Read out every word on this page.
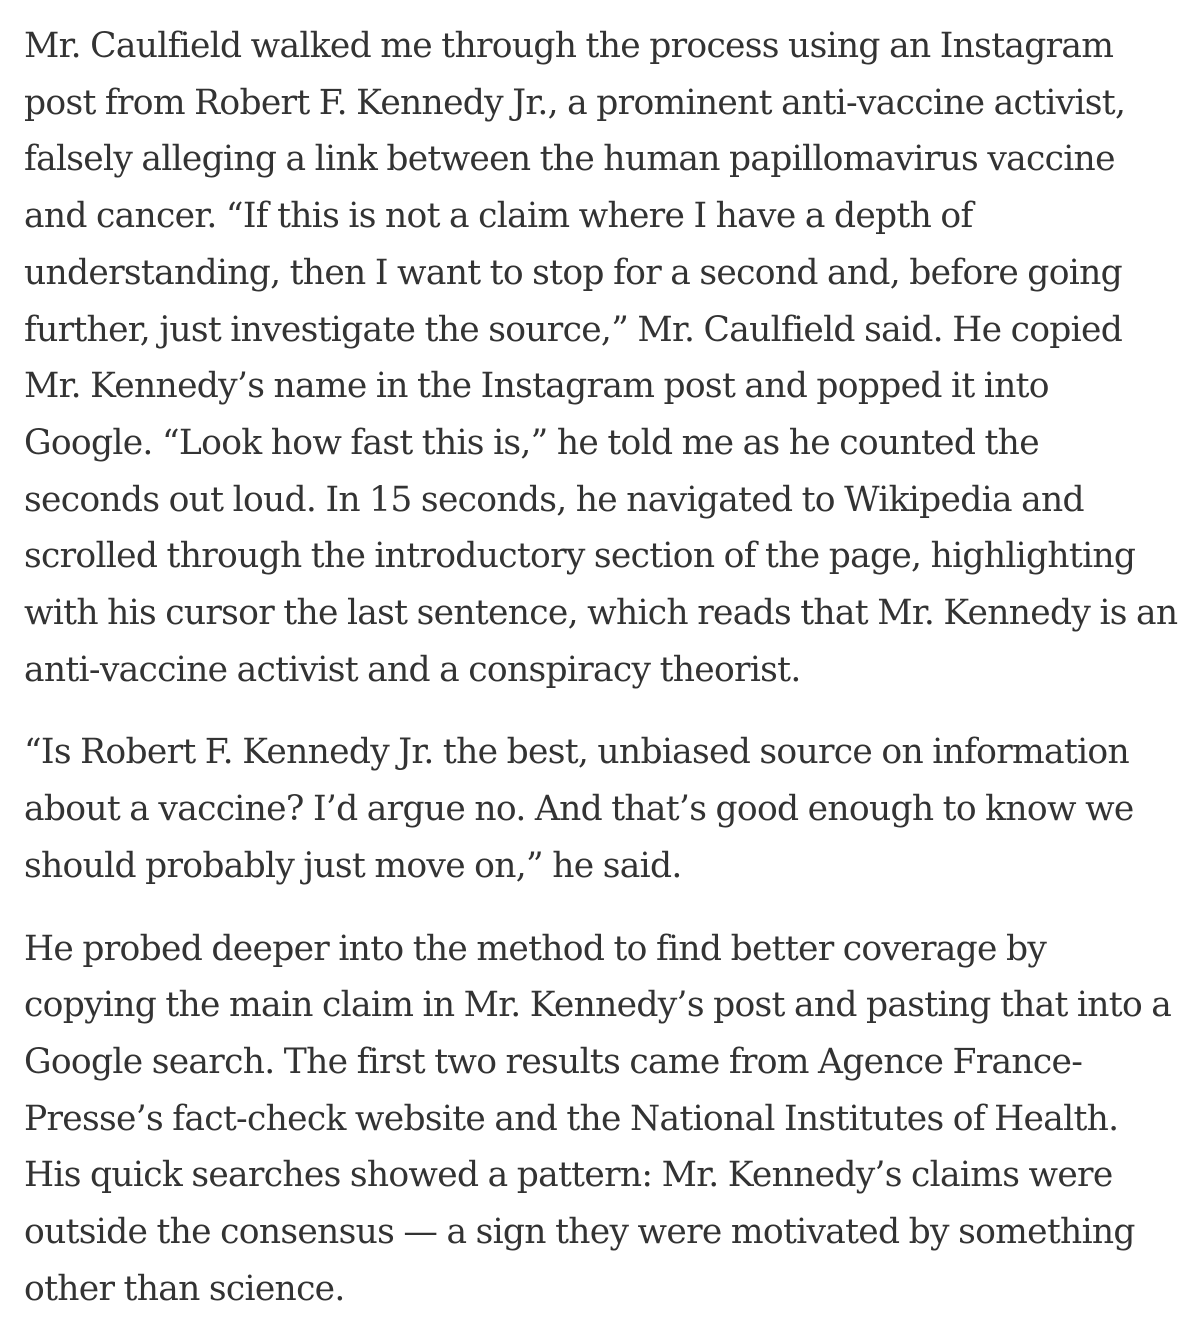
Mr. Caulfield walked me through the process using an Instagram post from Robert F. Kennedy Jr., a prominent anti-vaccine activist, falsely alleging a link between the human papillomavirus vaccine and cancer. “If this is not a claim where I have a depth of understanding, then I want to stop for a second and, before going further, just investigate the source,” Mr. Caulfield said. He copied Mr. Kennedy’s name in the Instagram post and popped it into Google. “Look how fast this is,” he told me as he counted the seconds out loud. In 15 seconds, he navigated to Wikipedia and scrolled through the introductory section of the page, highlighting with his cursor the last sentence, which reads that Mr. Kennedy is an anti-vaccine activist and a conspiracy theorist.

“Is Robert F. Kennedy Jr. the best, unbiased source on information about a vaccine? I’d argue no. And that’s good enough to know we should probably just move on,” he said.

He probed deeper into the method to find better coverage by copying the main claim in Mr. Kennedy’s post and pasting that into a Google search. The first two results came from Agence France-Presse’s fact-check website and the National Institutes of Health. His quick searches showed a pattern: Mr. Kennedy’s claims were outside the consensus — a sign they were motivated by something other than science.
